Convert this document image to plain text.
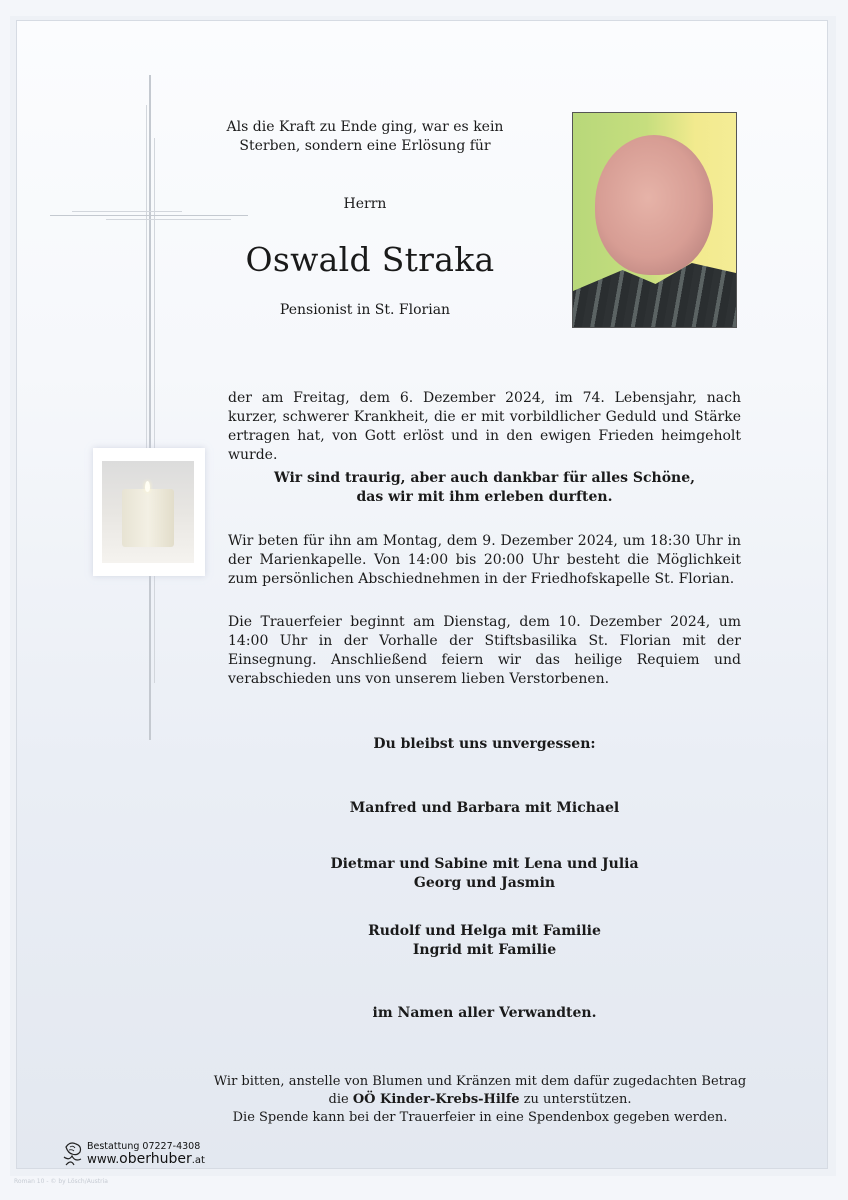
Als die Kraft zu Ende ging, war es kein
Sterben, sondern eine Erlösung für
Herrn
Oswald Straka
Pensionist in St. Florian
der am Freitag, dem 6. Dezember 2024, im 74. Lebensjahr, nach kurzer, schwerer Krankheit, die er mit vorbildlicher Geduld und Stärke ertragen hat, von Gott erlöst und in den ewigen Frieden heimgeholt wurde.
Wir sind traurig, aber auch dankbar für alles Schöne,
das wir mit ihm erleben durften.
Wir beten für ihn am Montag, dem 9. Dezember 2024, um 18:30 Uhr in der Marienkapelle. Von 14:00 bis 20:00 Uhr besteht die Möglichkeit zum persönlichen Abschiednehmen in der Friedhofskapelle St. Florian.
Die Trauerfeier beginnt am Dienstag, dem 10. Dezember 2024, um 14:00 Uhr in der Vorhalle der Stiftsbasilika St. Florian mit der Einsegnung. Anschließend feiern wir das heilige Requiem und verabschieden uns von unserem lieben Verstorbenen.
Du bleibst uns unvergessen:
Manfred und Barbara mit Michael
Dietmar und Sabine mit Lena und Julia
Georg und Jasmin
Rudolf und Helga mit Familie
Ingrid mit Familie
im Namen aller Verwandten.
Wir bitten, anstelle von Blumen und Kränzen mit dem dafür zugedachten Betrag
die OÖ Kinder-Krebs-Hilfe zu unterstützen.
Die Spende kann bei der Trauerfeier in eine Spendenbox gegeben werden.
Bestattung 07227-4308
www.oberhuber.at
Roman 10 - © by Lösch/Austria
